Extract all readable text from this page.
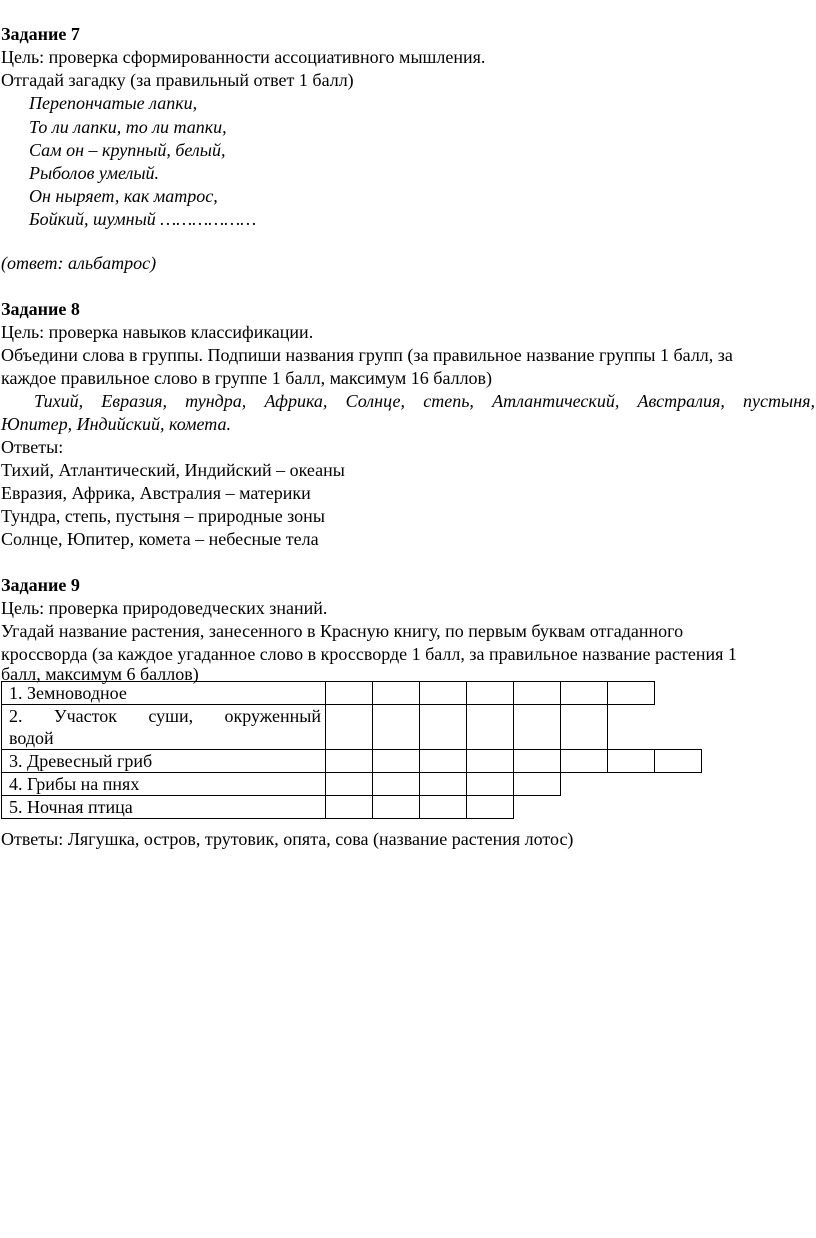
Задание 7
Цель: проверка сформированности ассоциативного мышления.
Отгадай загадку (за правильный ответ 1 балл)
Перепончатые лапки,
То ли лапки, то ли тапки,
Сам он – крупный, белый,
Рыболов умелый.
Он ныряет, как матрос,
Бойкий, шумный ………………
(ответ: альбатрос)
Задание 8
Цель: проверка навыков классификации.
Объедини слова в группы. Подпиши названия групп (за правильное название группы 1 балл, за
каждое правильное слово в группе 1 балл, максимум 16 баллов)
Тихий, Евразия, тундра, Африка, Солнце, степь, Атлантический, Австралия, пустыня,
Юпитер, Индийский, комета.
Ответы:
Тихий, Атлантический, Индийский – океаны
Евразия, Африка, Австралия – материки
Тундра, степь, пустыня – природные зоны
Солнце, Юпитер, комета – небесные тела
Задание 9
Цель: проверка природоведческих знаний.
Угадай название растения, занесенного в Красную книгу, по первым буквам отгаданного
кроссворда (за каждое угаданное слово в кроссворде 1 балл, за правильное название растения 1
балл, максимум 6 баллов)
1. Земноводное								

2. Участок суши, окруженный
водой								

3. Древесный гриб								
4. Грибы на пнях								
5. Ночная птица								
Ответы: Лягушка, остров, трутовик, опята, сова (название растения лотос)
